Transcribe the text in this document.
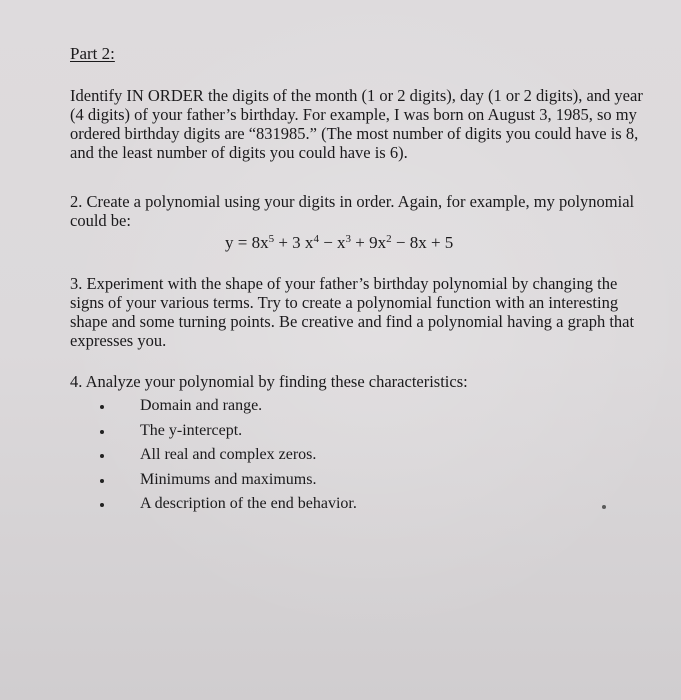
Part 2:

Identify IN ORDER the digits of the month (1 or 2 digits), day (1 or 2 digits), and year (4 digits) of your father’s birthday. For example, I was born on August 3, 1985, so my ordered birthday digits are “831985.” (The most number of digits you could have is 8, and the least number of digits you could have is 6).

2. Create a polynomial using your digits in order. Again, for example, my polynomial could be:

$y = 8x^5 + 3$ $x^4 - x^3 + 9x^2 - 8x + 5$

3. Experiment with the shape of your father’s birthday polynomial by changing the signs of your various terms. Try to create a polynomial function with an interesting shape and some turning points. Be creative and find a polynomial having a graph that expresses you.

4. Analyze your polynomial by finding these characteristics:

Domain and range.
The y-intercept.
All real and complex zeros.
Minimums and maximums.
A description of the end behavior.
